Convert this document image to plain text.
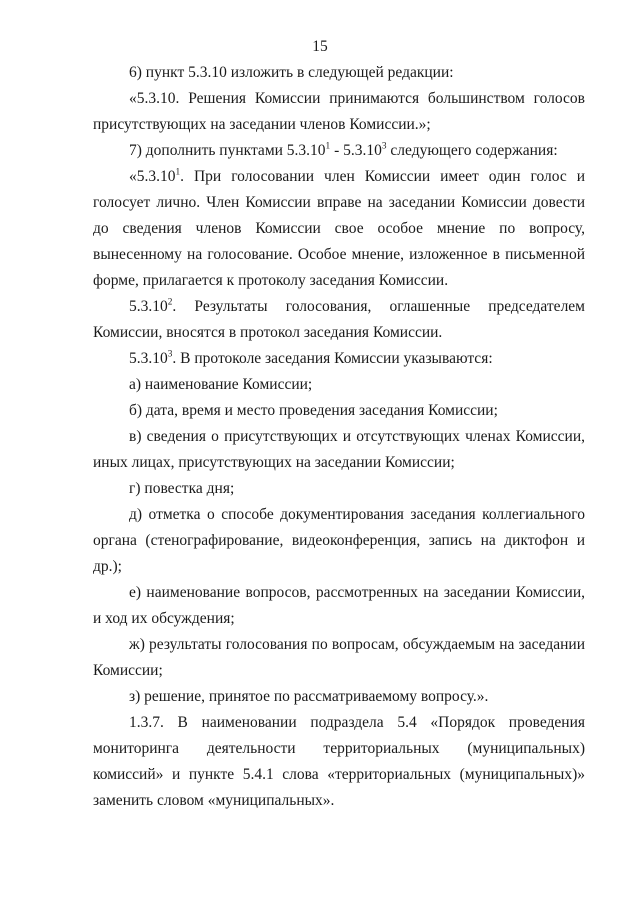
15

6) пункт 5.3.10 изложить в следующей редакции:

«5.3.10. Решения Комиссии принимаются большинством голосов присутствующих на заседании членов Комиссии.»;

7) дополнить пунктами 5.3.10$^1$ - 5.3.10$^3$ следующего содержания:

«5.3.10$^1$. При голосовании член Комиссии имеет один голос и голосует лично. Член Комиссии вправе на заседании Комиссии довести до сведения членов Комиссии свое особое мнение по вопросу, вынесенному на голосование. Особое мнение, изложенное в письменной форме, прилагается к протоколу заседания Комиссии.

5.3.10$^2$. Результаты голосования, оглашенные председателем Комиссии, вносятся в протокол заседания Комиссии.

5.3.10$^3$. В протоколе заседания Комиссии указываются:

а) наименование Комиссии;

б) дата, время и место проведения заседания Комиссии;

в) сведения о присутствующих и отсутствующих членах Комиссии, иных лицах, присутствующих на заседании Комиссии;

г) повестка дня;

д) отметка о способе документирования заседания коллегиального органа (стенографирование, видеоконференция, запись на диктофон и др.);

е) наименование вопросов, рассмотренных на заседании Комиссии, и ход их обсуждения;

ж) результаты голосования по вопросам, обсуждаемым на заседании Комиссии;

з) решение, принятое по рассматриваемому вопросу.».

1.3.7. В наименовании подраздела 5.4 «Порядок проведения мониторинга деятельности территориальных (муниципальных) комиссий» и пункте 5.4.1 слова «территориальных (муниципальных)» заменить словом «муниципальных».
